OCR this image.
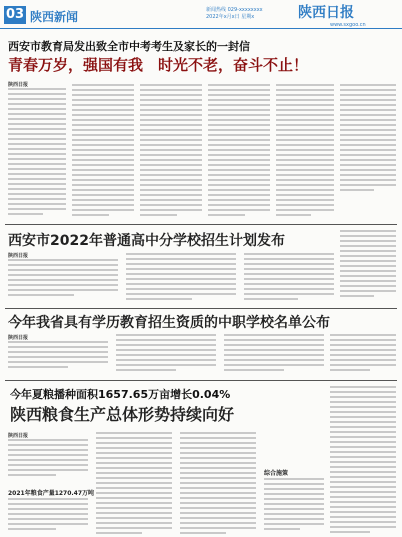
03 陕西新闻	新闻热线 029-xxxxxxxx
2022年x月x日 星期x	陕西日报
www.sxgoo.cn
西安市教育局发出致全市中考考生及家长的一封信
青春万岁，强国有我　时光不老，奋斗不止！
陕西日报
西安市2022年普通高中分学校招生计划发布
陕西日报
今年我省具有学历教育招生资质的中职学校名单公布
陕西日报
今年夏粮播种面积1657.65万亩增长0.04%
陕西粮食生产总体形势持续向好
陕西日报
2021年粮食产量1270.47万吨
综合施策
